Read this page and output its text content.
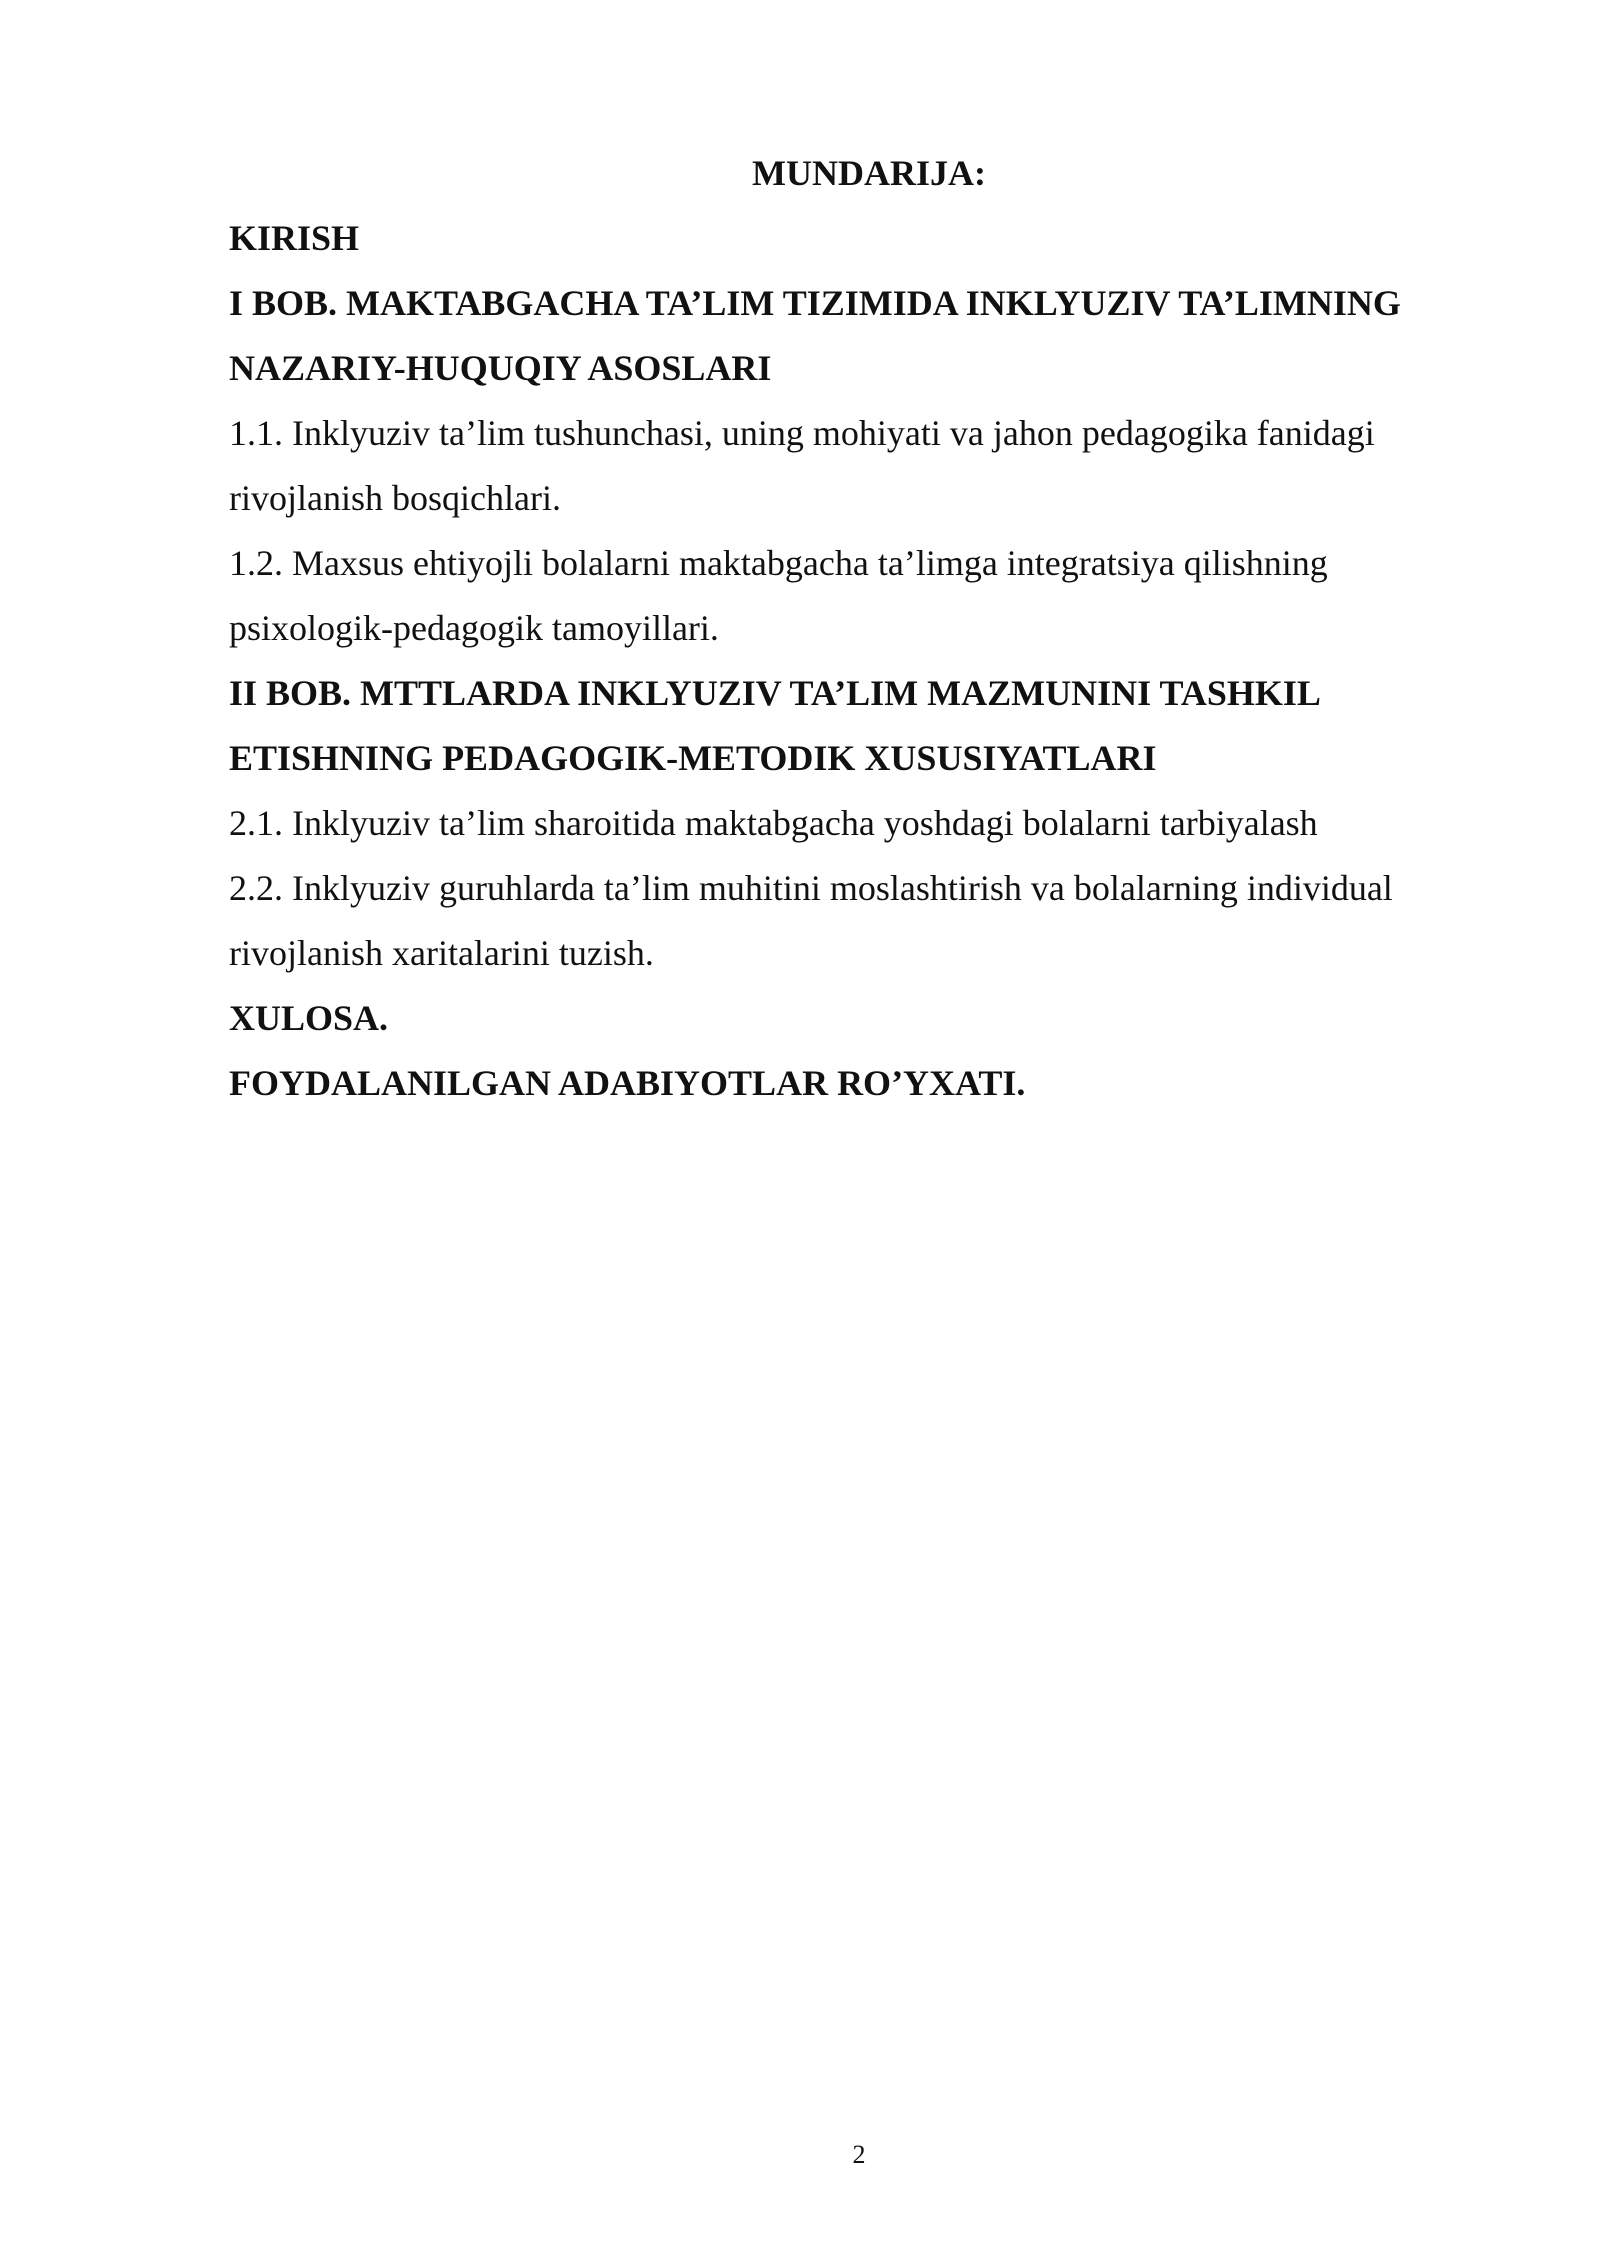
MUNDARIJA:
KIRISH
I BOB. MAKTABGACHA TA’LIM TIZIMIDA INKLYUZIV TA’LIMNING NAZARIY-HUQUQIY ASOSLARI
1.1. Inklyuziv ta’lim tushunchasi, uning mohiyati va jahon pedagogika fanidagi rivojlanish bosqichlari.
1.2. Maxsus ehtiyojli bolalarni maktabgacha ta’limga integratsiya qilishning psixologik-pedagogik tamoyillari.
II BOB. MTTLARDA INKLYUZIV TA’LIM MAZMUNINI TASHKIL ETISHNING PEDAGOGIK-METODIK XUSUSIYATLARI
2.1. Inklyuziv ta’lim sharoitida maktabgacha yoshdagi bolalarni tarbiyalash
2.2. Inklyuziv guruhlarda ta’lim muhitini moslashtirish va bolalarning individual rivojlanish xaritalarini tuzish.
XULOSA.
FOYDALANILGAN ADABIYOTLAR RO’YXATI.
2
